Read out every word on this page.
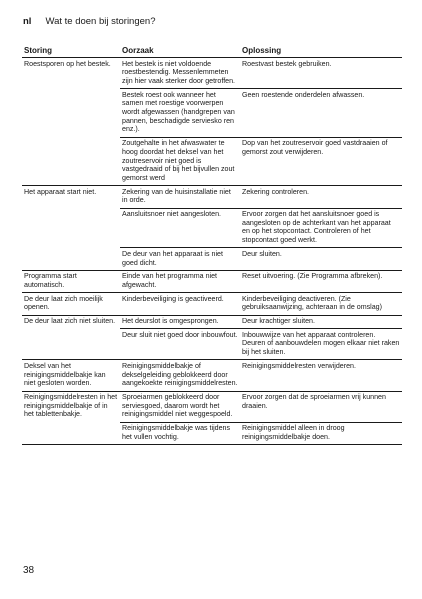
nl Wat te doen bij storingen?
Storing	Oorzaak	Oplossing
Roestsporen op het bestek.	Het bestek is niet voldoende roestbestendig. Messenlemmeten zijn hier vaak sterker door getroffen.	Roestvast bestek gebruiken.
	Bestek roest ook wanneer het samen met roestige voorwerpen wordt afgewassen (handgrepen van pannen, beschadigde serviesko ren enz.).	Geen roestende onderdelen afwassen.
	Zoutgehalte in het afwaswater te hoog doordat het deksel van het zoutreservoir niet goed is vastgedraaid of bij het bijvullen zout gemorst werd	Dop van het zoutreservoir goed vastdraaien of gemorst zout verwijderen.
Het apparaat start niet.	Zekering van de huisinstallatie niet in orde.	Zekering controleren.
	Aansluitsnoer niet aangesloten.	Ervoor zorgen dat het aansluitsnoer goed is aangesloten op de achterkant van het apparaat en op het stopcontact. Controleren of het stopcontact goed werkt.
	De deur van het apparaat is niet goed dicht.	Deur sluiten.
Programma start automatisch.	Einde van het programma niet afgewacht.	Reset uitvoering. (Zie Programma afbreken).
De deur laat zich moeilijk openen.	Kinderbeveiliging is geactiveerd.	Kinderbeveiliging deactiveren. (Zie gebruiksaanwijzing, achteraan in de omslag)
De deur laat zich niet sluiten.	Het deurslot is omgesprongen.	Deur krachtiger sluiten.
	Deur sluit niet goed door inbouwfout.	Inbouwwijze van het apparaat controleren. Deuren of aanbouwdelen mogen elkaar niet raken bij het sluiten.
Deksel van het reinigingsmiddelbakje kan niet gesloten worden.	Reinigingsmiddelbakje of dekselgeleiding geblokkeerd door aangekoekte reinigingsmiddelresten.	Reinigingsmiddelresten verwijderen.
Reinigingsmiddelresten in het reinigingsmiddelbakje of in het tablettenbakje.	Sproeiarmen geblokkeerd door serviesgoed, daarom wordt het reinigingsmiddel niet weggespoeld.	Ervoor zorgen dat de sproeiarmen vrij kunnen draaien.
	Reinigingsmiddelbakje was tijdens het vullen vochtig.	Reinigingsmiddel alleen in droog reinigingsmiddelbakje doen.
38
